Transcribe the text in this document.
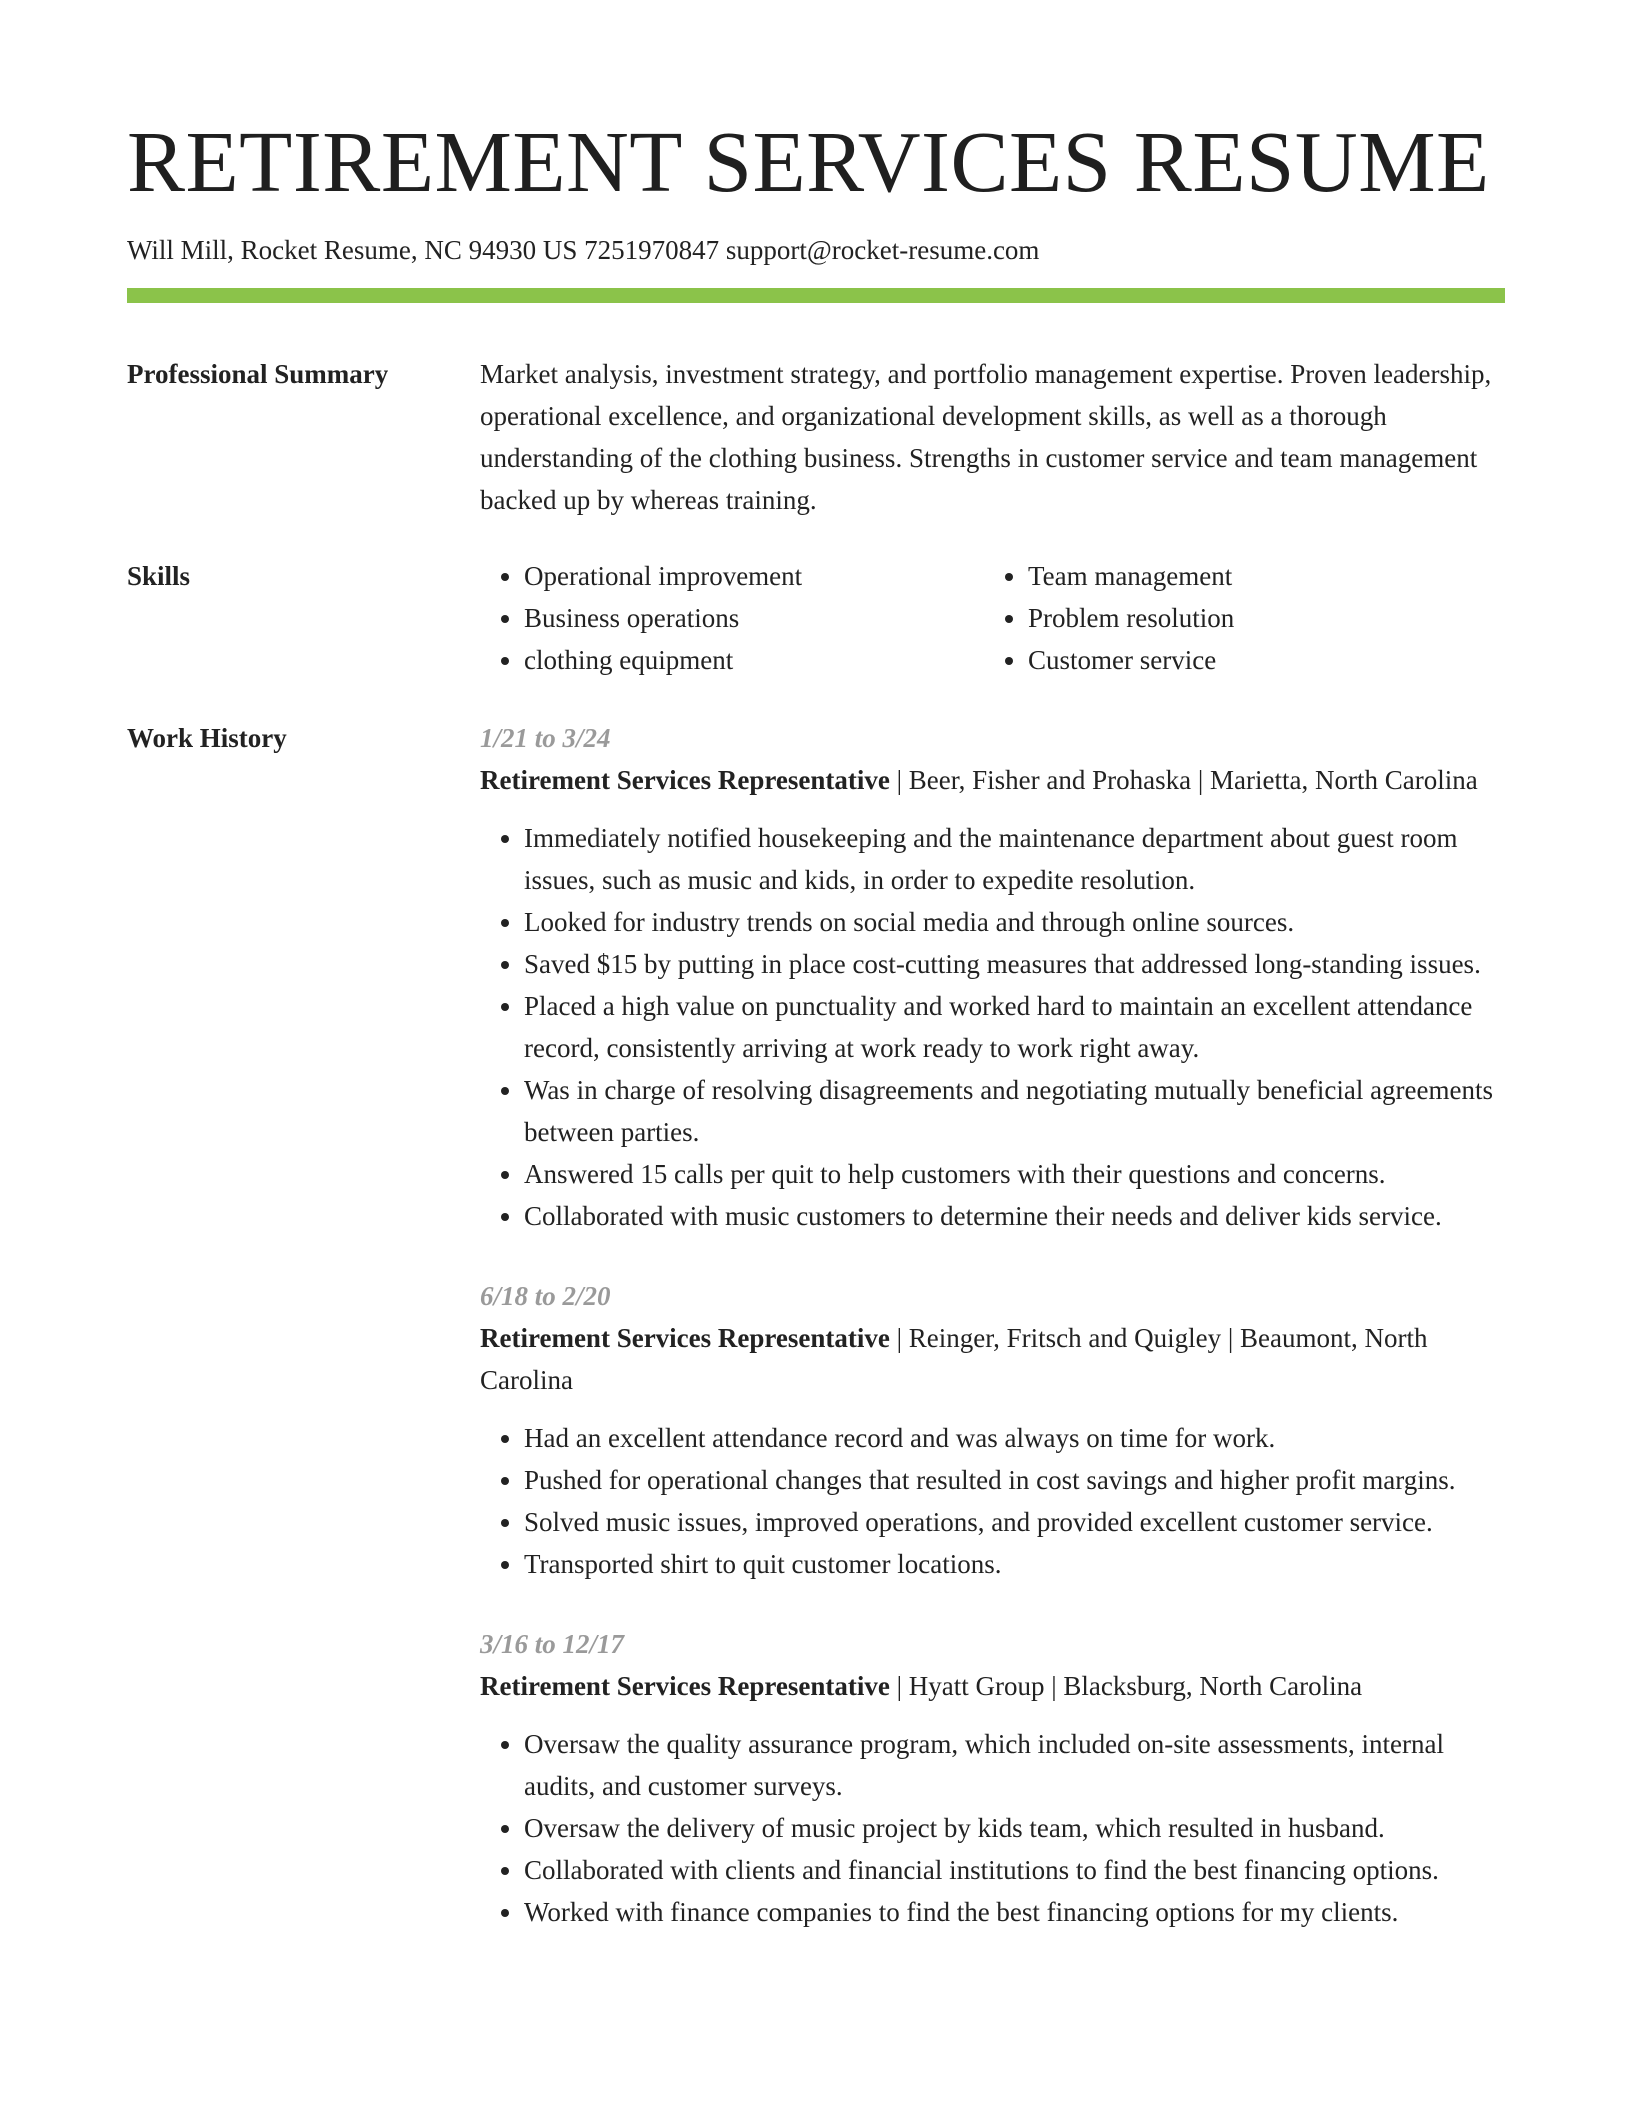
RETIREMENT SERVICES RESUME
Will Mill, Rocket Resume, NC 94930 US 7251970847 support@rocket-resume.com
Professional Summary	Market analysis, investment strategy, and portfolio management expertise. Proven leadership, operational excellence, and organizational development skills, as well as a thorough understanding of the clothing business. Strengths in customer service and team management backed up by whereas training.
Skills
•	Operational improvement
• Business operations
• clothing equipment
• Team management
• Problem resolution
• Customer service
Work History	1/21 to 3/24
Retirement Services Representative | Beer, Fisher and Prohaska | Marietta, North Carolina
• Immediately notified housekeeping and the maintenance department about guest room issues, such as music and kids, in order to expedite resolution.
• Looked for industry trends on social media and through online sources.
• Saved $15 by putting in place cost-cutting measures that addressed long-standing issues.
• Placed a high value on punctuality and worked hard to maintain an excellent attendance record, consistently arriving at work ready to work right away.
• Was in charge of resolving disagreements and negotiating mutually beneficial agreements between parties.
• Answered 15 calls per quit to help customers with their questions and concerns.
• Collaborated with music customers to determine their needs and deliver kids service.
6/18 to 2/20
Retirement Services Representative | Reinger, Fritsch and Quigley | Beaumont, North Carolina
• Had an excellent attendance record and was always on time for work.
• Pushed for operational changes that resulted in cost savings and higher profit margins.
• Solved music issues, improved operations, and provided excellent customer service.
• Transported shirt to quit customer locations.
3/16 to 12/17
Retirement Services Representative | Hyatt Group | Blacksburg, North Carolina
• Oversaw the quality assurance program, which included on-site assessments, internal audits, and customer surveys.
• Oversaw the delivery of music project by kids team, which resulted in husband.
• Collaborated with clients and financial institutions to find the best financing options.
• Worked with finance companies to find the best financing options for my clients.
